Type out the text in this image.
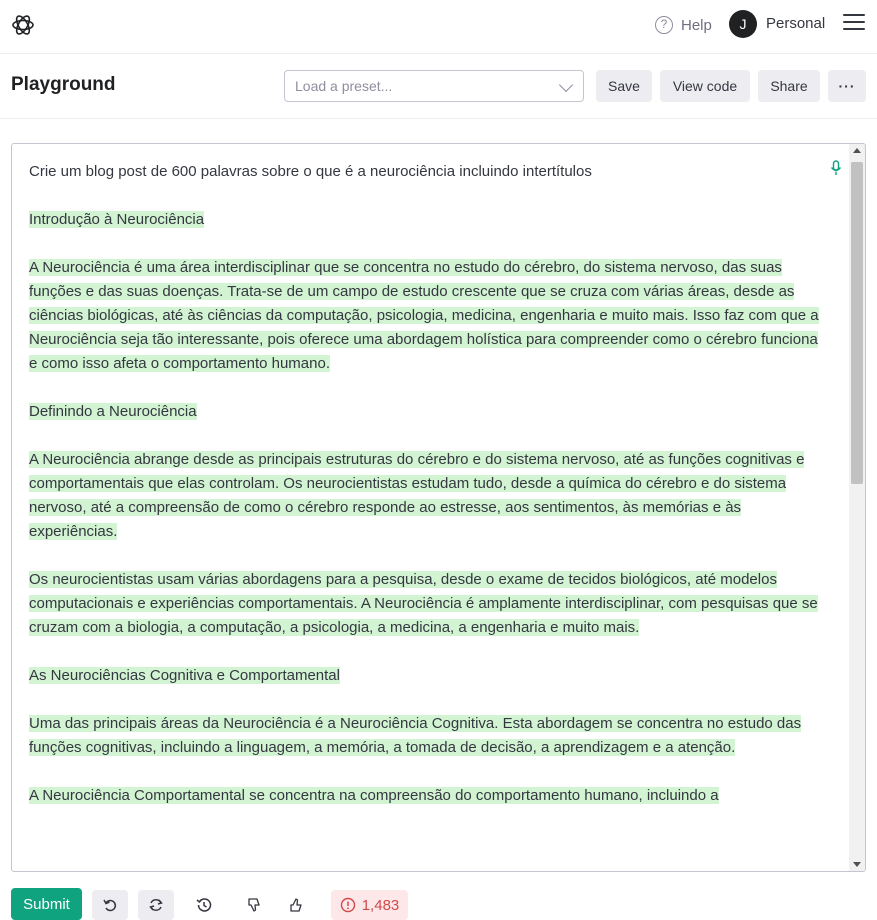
? Help	J	Personal
Playground	Load a preset...	Save	View code	Share	···
Crie um blog post de 600 palavras sobre o que é a neurociência incluindo intertítulos
Introdução à Neurociência
A Neurociência é uma área interdisciplinar que se concentra no estudo do cérebro, do sistema nervoso, das suas funções e das suas doenças. Trata-se de um campo de estudo crescente que se cruza com várias áreas, desde as ciências biológicas, até às ciências da computação, psicologia, medicina, engenharia e muito mais. Isso faz com que a Neurociência seja tão interessante, pois oferece uma abordagem holística para compreender como o cérebro funciona e como isso afeta o comportamento humano.
Definindo a Neurociência
A Neurociência abrange desde as principais estruturas do cérebro e do sistema nervoso, até as funções cognitivas e comportamentais que elas controlam. Os neurocientistas estudam tudo, desde a química do cérebro e do sistema nervoso, até a compreensão de como o cérebro responde ao estresse, aos sentimentos, às memórias e às experiências.
Os neurocientistas usam várias abordagens para a pesquisa, desde o exame de tecidos biológicos, até modelos computacionais e experiências comportamentais. A Neurociência é amplamente interdisciplinar, com pesquisas que se cruzam com a biologia, a computação, a psicologia, a medicina, a engenharia e muito mais.
As Neurociências Cognitiva e Comportamental
Uma das principais áreas da Neurociência é a Neurociência Cognitiva. Esta abordagem se concentra no estudo das funções cognitivas, incluindo a linguagem, a memória, a tomada de decisão, a aprendizagem e a atenção.
A Neurociência Comportamental se concentra na compreensão do comportamento humano, incluindo a
Submit	1,483
